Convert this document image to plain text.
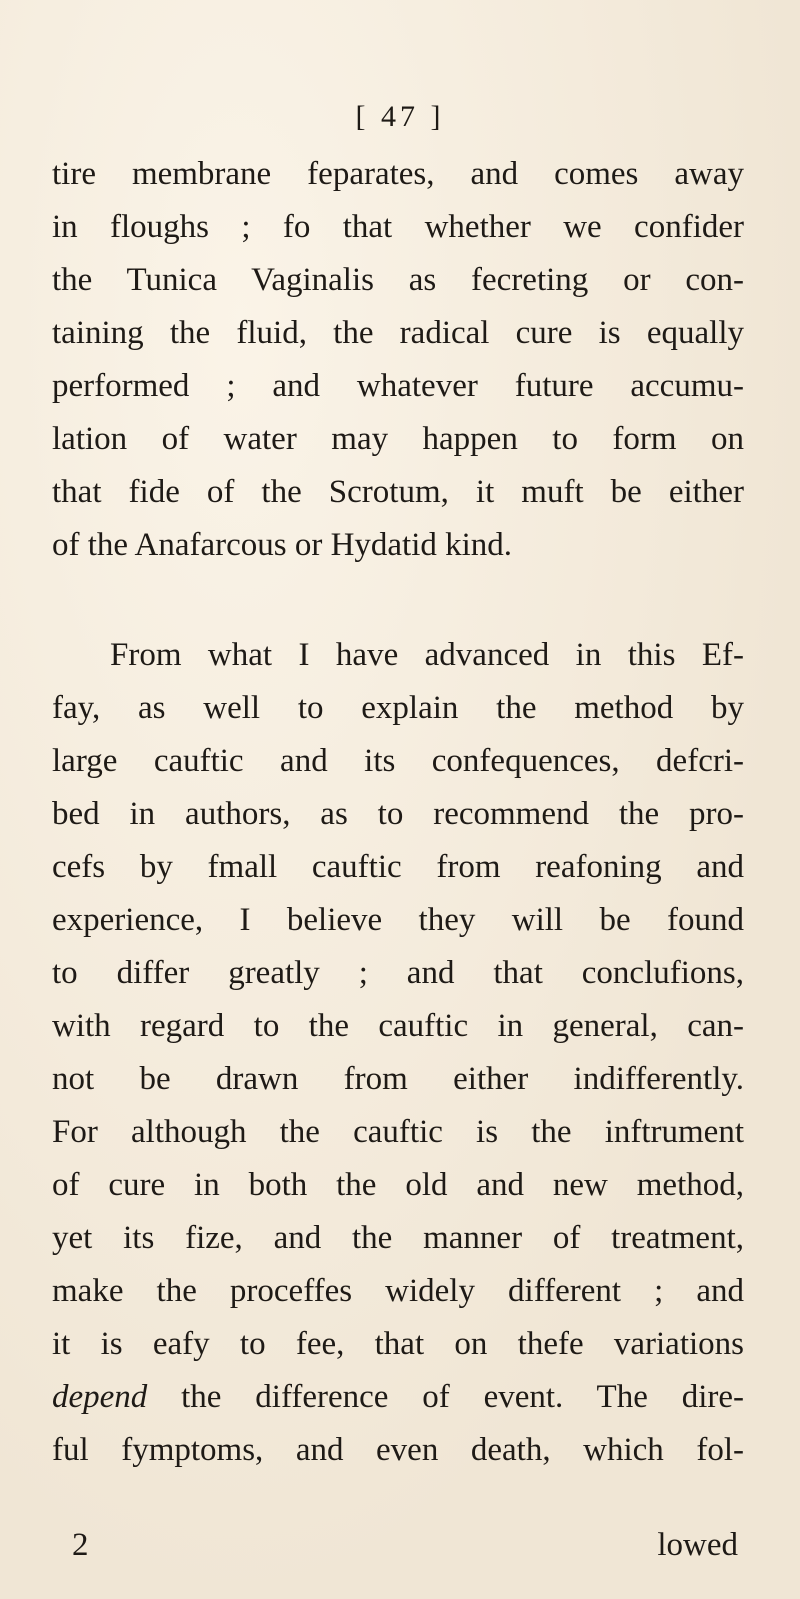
[ 47 ]
tire membrane feparates, and comes away
in floughs ; fo that whether we confider
the Tunica Vaginalis as fecreting or con-
taining the fluid, the radical cure is equally
performed ; and whatever future accumu-
lation of water may happen to form on
that fide of the Scrotum, it muft be either
of the Anafarcous or Hydatid kind.
From what I have advanced in this Ef-
fay, as well to explain the method by
large cauftic and its confequences, defcri-
bed in authors, as to recommend the pro-
cefs by fmall cauftic from reafoning and
experience, I believe they will be found
to differ greatly ; and that conclufions,
with regard to the cauftic in general, can-
not be drawn from either indifferently.
For although the cauftic is the inftrument
of cure in both the old and new method,
yet its fize, and the manner of treatment,
make the proceffes widely different ; and
it is eafy to fee, that on thefe variations
depend the difference of event. The dire-
ful fymptoms, and even death, which fol-
2	lowed
